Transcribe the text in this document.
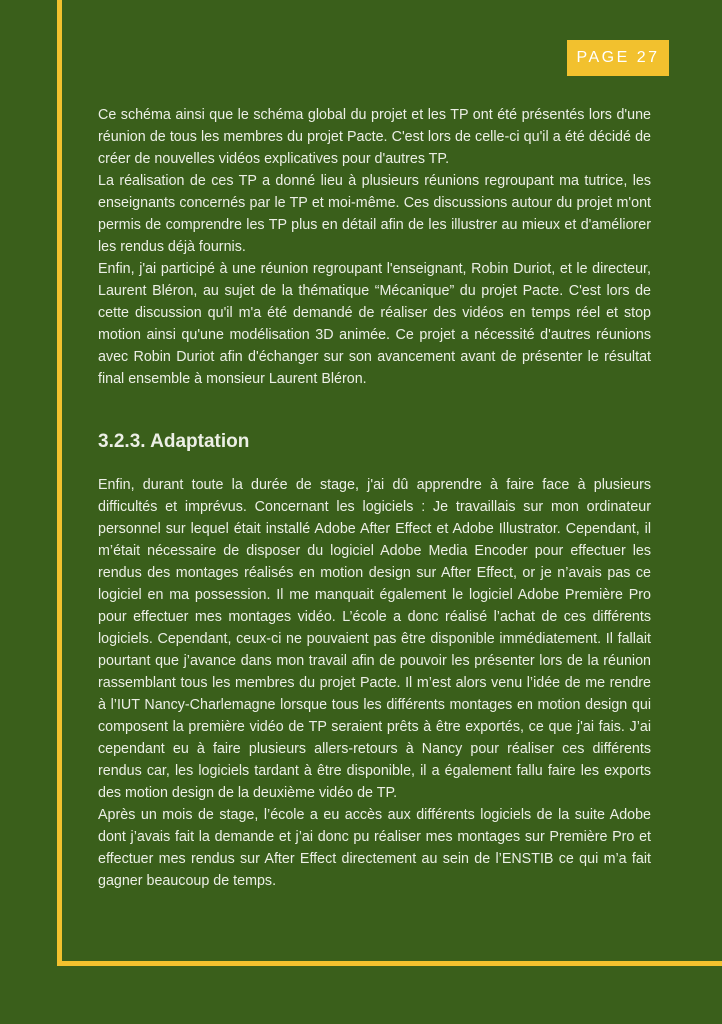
PAGE 27

Ce schéma ainsi que le schéma global du projet et les TP ont été présentés lors d'une réunion de tous les membres du projet Pacte. C'est lors de celle-ci qu'il a été décidé de créer de nouvelles vidéos explicatives pour d'autres TP.

La réalisation de ces TP a donné lieu à plusieurs réunions regroupant ma tutrice, les enseignants concernés par le TP et moi-même. Ces discussions autour du projet m'ont permis de comprendre les TP plus en détail afin de les illustrer au mieux et d'améliorer les rendus déjà fournis.

Enfin, j'ai participé à une réunion regroupant l'enseignant, Robin Duriot, et le directeur, Laurent Bléron, au sujet de la thématique “Mécanique” du projet Pacte. C'est lors de cette discussion qu'il m'a été demandé de réaliser des vidéos en temps réel et stop motion ainsi qu'une modélisation 3D animée. Ce projet a nécessité d'autres réunions avec Robin Duriot afin d'échanger sur son avancement avant de présenter le résultat final ensemble à monsieur Laurent Bléron.

3.2.3. Adaptation

Enfin, durant toute la durée de stage, j'ai dû apprendre à faire face à plusieurs difficultés et imprévus. Concernant les logiciels : Je travaillais sur mon ordinateur personnel sur lequel était installé Adobe After Effect et Adobe Illustrator. Cependant, il m’était nécessaire de disposer du logiciel Adobe Media Encoder pour effectuer les rendus des montages réalisés en motion design sur After Effect, or je n’avais pas ce logiciel en ma possession. Il me manquait également le logiciel Adobe Première Pro pour effectuer mes montages vidéo. L’école a donc réalisé l’achat de ces différents logiciels. Cependant, ceux-ci ne pouvaient pas être disponible immédiatement. Il fallait pourtant que j’avance dans mon travail afin de pouvoir les présenter lors de la réunion rassemblant tous les membres du projet Pacte. Il m’est alors venu l’idée de me rendre à l’IUT Nancy-Charlemagne lorsque tous les différents montages en motion design qui composent la première vidéo de TP seraient prêts à être exportés, ce que j'ai fais. J’ai cependant eu à faire plusieurs allers-retours à Nancy pour réaliser ces différents rendus car, les logiciels tardant à être disponible, il a également fallu faire les exports des motion design de la deuxième vidéo de TP.

Après un mois de stage, l’école a eu accès aux différents logiciels de la suite Adobe dont j’avais fait la demande et j’ai donc pu réaliser mes montages sur Première Pro et effectuer mes rendus sur After Effect directement au sein de l’ENSTIB ce qui m’a fait gagner beaucoup de temps.
